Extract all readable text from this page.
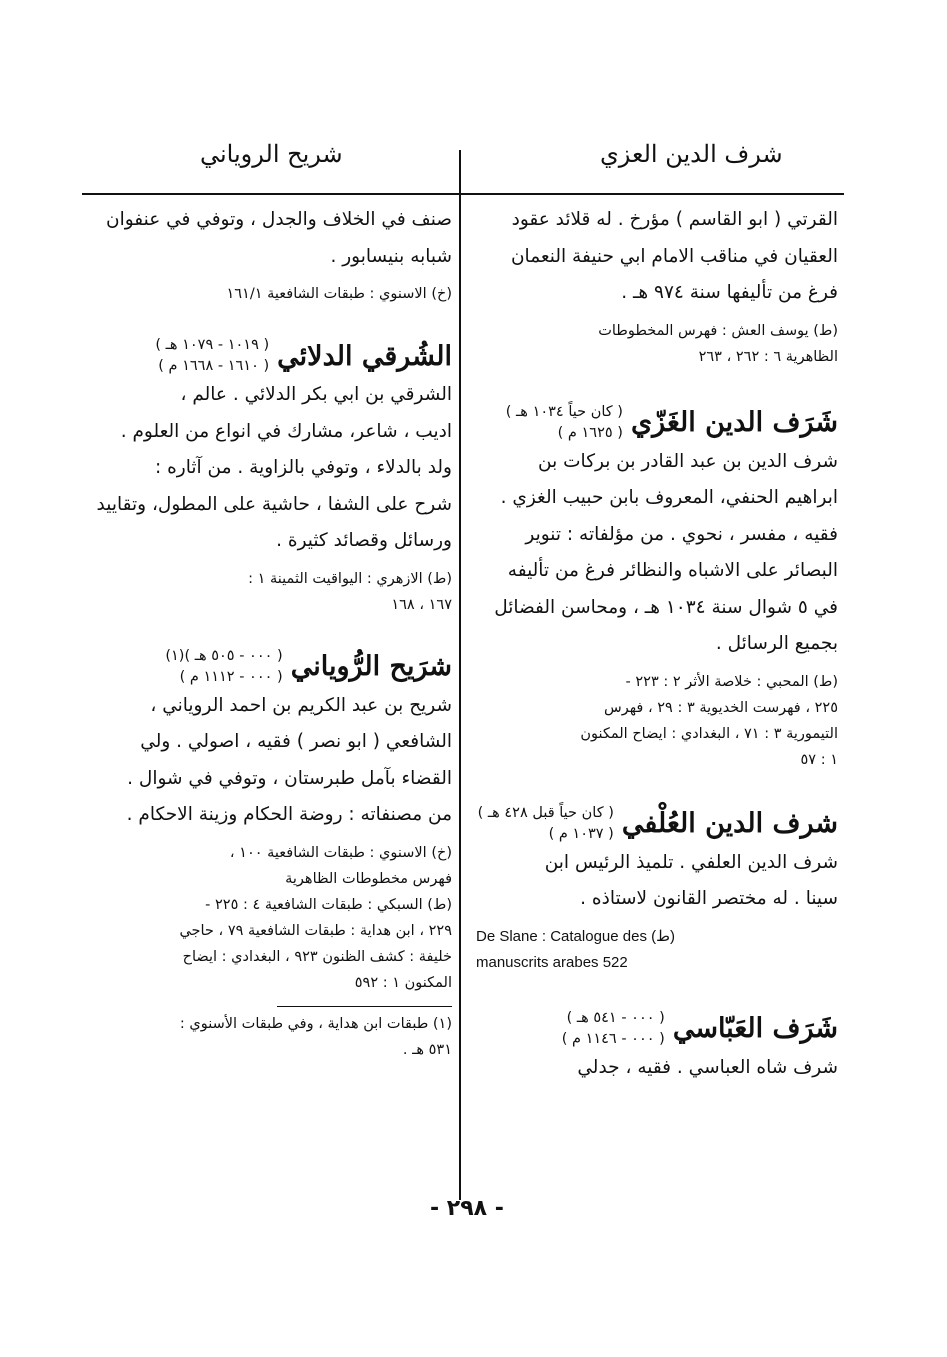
شريح الروياني	شرف الدين العزي
القرتي ( ابو القاسم ) مؤرخ . له قلائد عقود
العقيان في مناقب الامام ابي حنيفة النعمان
فرغ من تأليفها سنة ٩٧٤ هـ .
(ط) يوسف العش : فهرس المخطوطات
الظاهرية ٦ : ٢٦٢ ، ٢٦٣
شَرَف الدين الغَزّي
( كان حياً ١٠٣٤ هـ )
( ١٦٢٥ م )
شرف الدين بن عبد القادر بن بركات بن
ابراهيم الحنفي، المعروف بابن حبيب الغزي .
فقيه ، مفسر ، نحوي . من مؤلفاته : تنوير
البصائر على الاشباه والنظائر فرغ من تأليفه
في ٥ شوال سنة ١٠٣٤ هـ ، ومحاسن الفضائل
بجميع الرسائل .
(ط) المحبي : خلاصة الأثر ٢ : ٢٢٣ -
٢٢٥ ، فهرست الخديوية ٣ : ٢٩ ، فهرس
التيمورية ٣ : ٧١ ، البغدادي : ايضاح المكنون
١ : ٥٧
شرف الدين العُلْفي
( كان حياً قبل ٤٢٨ هـ )
( ١٠٣٧ م )
شرف الدين العلفي . تلميذ الرئيس ابن
سينا . له مختصر القانون لاستاذه .
De Slane : Catalogue des (ط)
manuscrits arabes 522
شَرَف العَبّاسي
( ٠٠٠ - ٥٤١ هـ )
( ٠٠٠ - ١١٤٦ م )
شرف شاه العباسي . فقيه ، جدلي
صنف في الخلاف والجدل ، وتوفي في عنفوان
شبابه بنيسابور .
(خ) الاسنوي : طبقات الشافعية ١٦١/١
الشُرقي الدلائي
( ١٠١٩ - ١٠٧٩ هـ )
( ١٦١٠ - ١٦٦٨ م )
الشرقي بن ابي بكر الدلائي . عالم ،
اديب ، شاعر، مشارك في انواع من العلوم .
ولد بالدلاء ، وتوفي بالزاوية . من آثاره :
شرح على الشفا ، حاشية على المطول، وتقاييد
ورسائل وقصائد كثيرة .
(ط) الازهري : اليواقيت الثمينة ١ :
١٦٧ ، ١٦٨
شرَيح الرُّوياني
( ٠٠٠ - ٥٠٥ هـ )(١)
( ٠٠٠ - ١١١٢ م )
شريح بن عبد الكريم بن احمد الروياني ،
الشافعي ( ابو نصر ) فقيه ، اصولي . ولي
القضاء بآمل طبرستان ، وتوفي في شوال .
من مصنفاته : روضة الحكام وزينة الاحكام .
(خ) الاسنوي : طبقات الشافعية ١٠٠ ،
فهرس مخطوطات الظاهرية
(ط) السبكي : طبقات الشافعية ٤ : ٢٢٥ -
٢٢٩ ، ابن هداية : طبقات الشافعية ٧٩ ، حاجي
خليفة : كشف الظنون ٩٢٣ ، البغدادي : ايضاح
المكنون ١ : ٥٩٢
(١) طبقات ابن هداية ، وفي طبقات الأسنوي :
٥٣١ هـ .
- ٢٩٨ -
